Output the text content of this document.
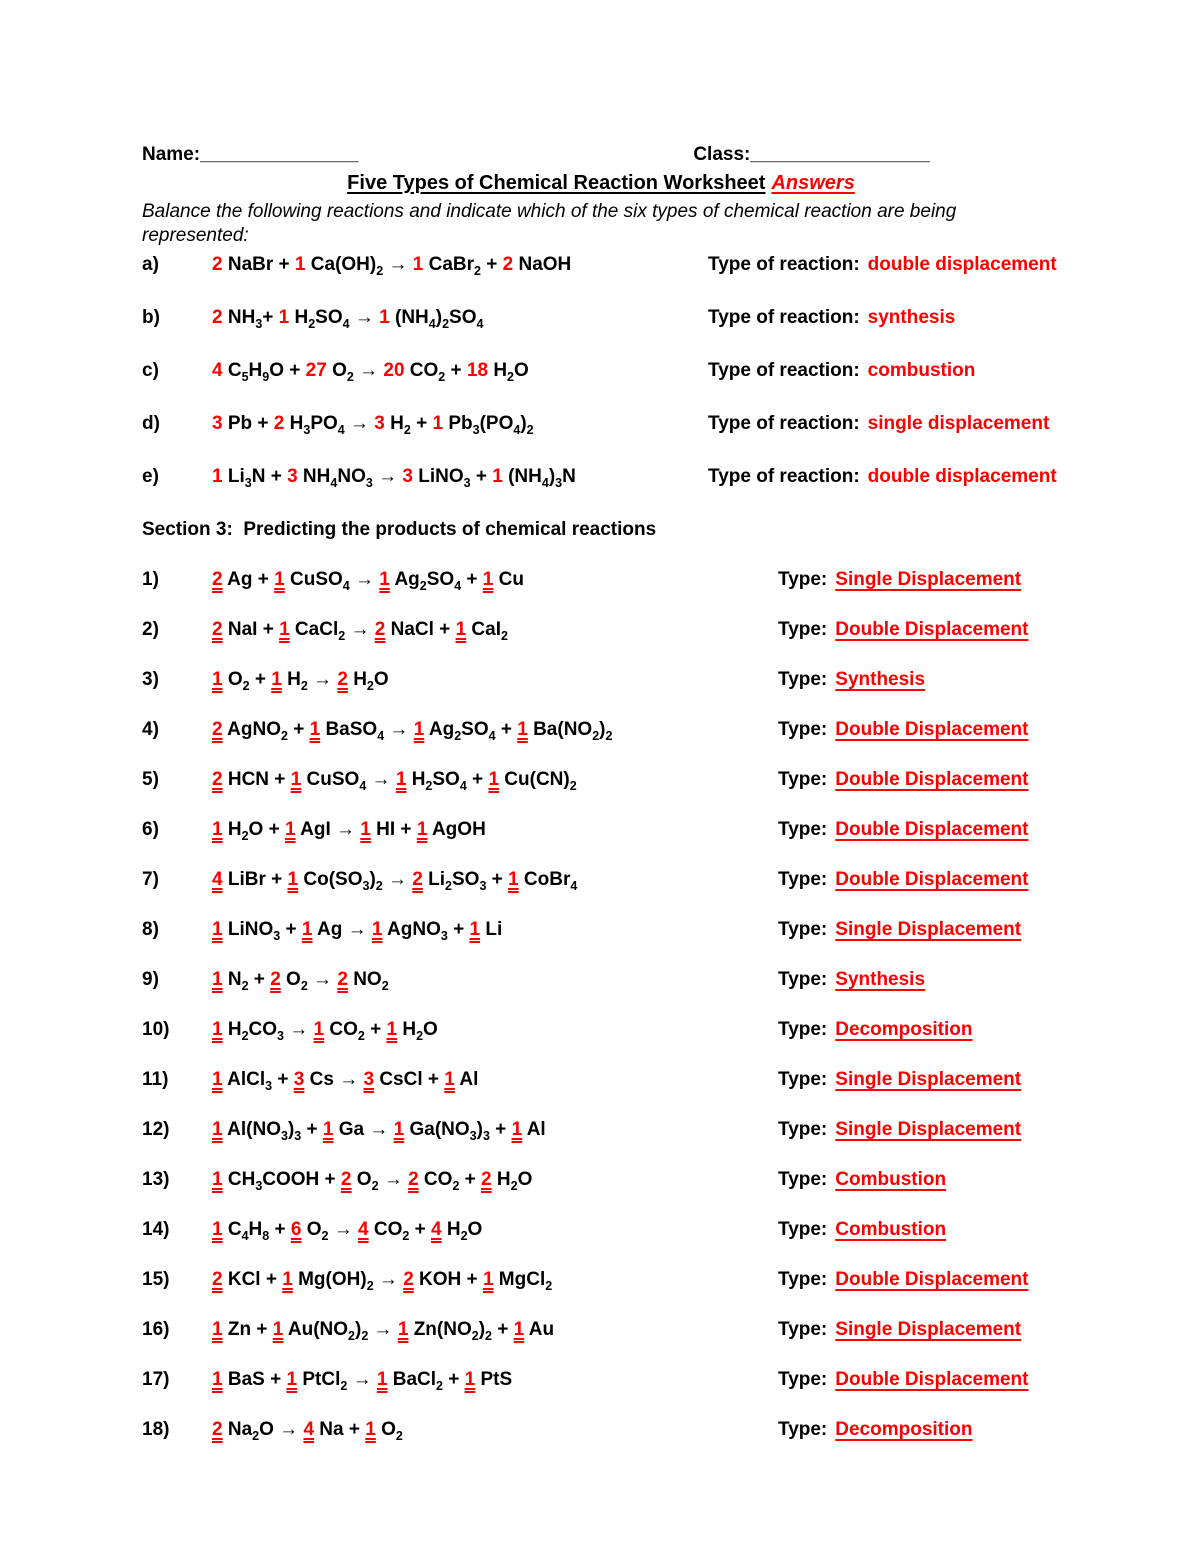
Name:_______________	Class:_________________
Five Types of Chemical Reaction Worksheet Answers
Balance the following reactions and indicate which of the six types of chemical reaction are being
represented:
a)	2 NaBr + 1 $Ca(OH)_2 \to 1$ CaBr$_2$ + 2 NaOH	Type of reaction: double displacement
b)	2 $NH_3+ 1$ $H_2SO_4 \to 1$ $(NH_4)_2SO_4$	Type of reaction: synthesis
c)	4 $C_5H_9O + 27$ $O_2 \to 20$ $CO_2 + 18$ $H_2O$	Type of reaction: combustion
d)	3 Pb + 2 $H_3PO_4 \to 3$ $H_2 + 1$ $Pb_3(PO_4)_2$	Type of reaction: single displacement
e)	1 $Li_3N + 3$ $NH_4NO_3 \to 3$ LiNO$_3$ + 1 $(NH_4)_3N$	Type of reaction: double displacement
Section 3:  Predicting the products of chemical reactions
1)	2 Ag + 1 CuSO$_4$ → 1 $Ag_2SO_4 + 1$ Cu	Type: Single Displacement
2)	2 NaI + 1 CaCl$_2$ → 2 NaCl + 1 CaI$_2$	Type: Double Displacement
3)	1 $O_2 + 1$ $H_2 \to 2$ $H_2O$	Type: Synthesis
4)	2 AgNO$_2$ + 1 BaSO$_4$ → 1 $Ag_2SO_4 + 1$ $Ba(NO_2)_2$	Type: Double Displacement
5)	2 HCN + 1 CuSO$_4$ → 1 $H_2SO_4 + 1$ $Cu(CN)_2$	Type: Double Displacement
6)	1 $H_2O + 1$ AgI → 1 HI + 1 AgOH	Type: Double Displacement
7)	4 LiBr + 1 $Co(SO_3)_2 \to 2$ $Li_2SO_3 + 1$ CoBr$_4$	Type: Double Displacement
8)	1 LiNO$_3$ + 1 Ag → 1 AgNO$_3$ + 1 Li	Type: Single Displacement
9)	1 $N_2 + 2$ $O_2 \to 2$ $NO_2$	Type: Synthesis
10)	1 $H_2CO_3 \to 1$ $CO_2 + 1$ $H_2O$	Type: Decomposition
11)	1 AlCl$_3$ + 3 Cs → 3 CsCl + 1 Al	Type: Single Displacement
12)	1 $Al(NO_3)_3 + 1$ Ga → 1 $Ga(NO_3)_3 + 1$ Al	Type: Single Displacement
13)	1 $CH_3COOH + 2$ $O_2 \to 2$ $CO_2 + 2$ $H_2O$	Type: Combustion
14)	1 $C_4H_8 + 6$ $O_2 \to 4$ $CO_2 + 4$ $H_2O$	Type: Combustion
15)	2 KCl + 1 $Mg(OH)_2 \to 2$ KOH + 1 MgCl$_2$	Type: Double Displacement
16)	1 Zn + 1 $Au(NO_2)_2 \to 1$ $Zn(NO_2)_2 + 1$ Au	Type: Single Displacement
17)	1 BaS + 1 PtCl$_2$ → 1 BaCl$_2$ + 1 PtS	Type: Double Displacement
18)	2 $Na_2O \to 4$ Na + 1 $O_2$	Type: Decomposition
